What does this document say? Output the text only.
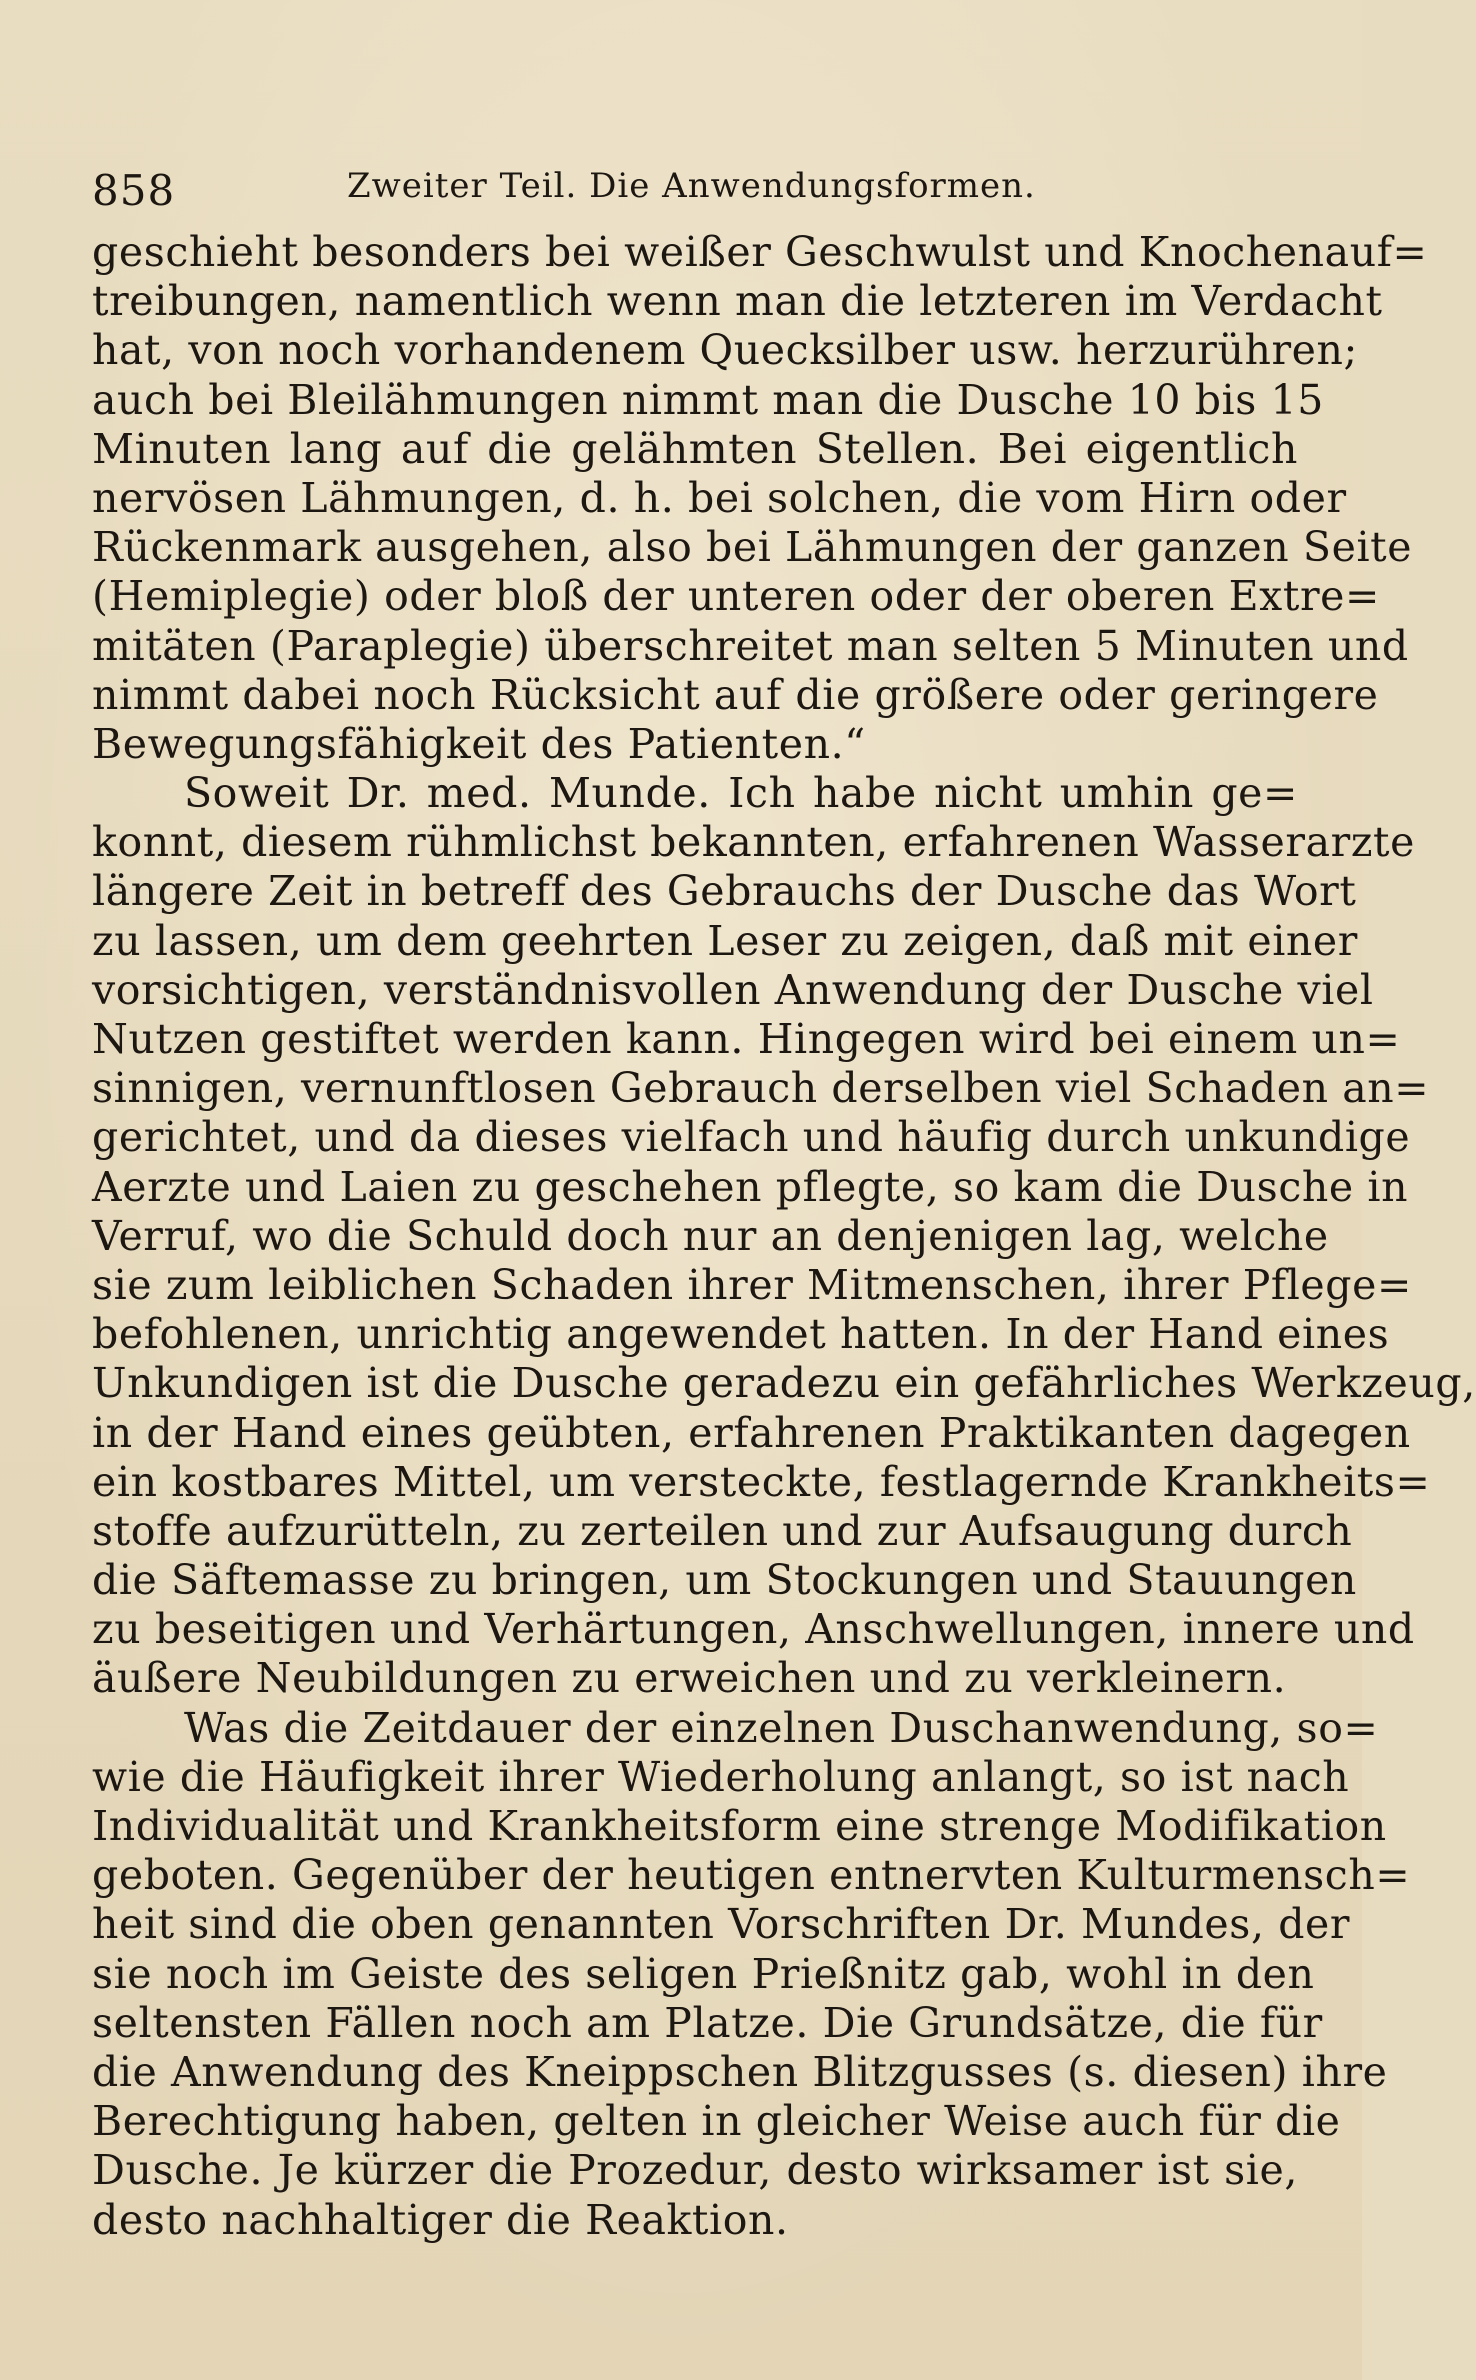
858	Zweiter Teil. Die Anwendungsformen.
geschieht besonders bei weißer Geschwulst und Knochenauf=
treibungen, namentlich wenn man die letzteren im Verdacht
hat, von noch vorhandenem Quecksilber usw. herzurühren;
auch bei Bleilähmungen nimmt man die Dusche 10 bis 15
Minuten lang auf die gelähmten Stellen. Bei eigentlich
nervösen Lähmungen, d. h. bei solchen, die vom Hirn oder
Rückenmark ausgehen, also bei Lähmungen der ganzen Seite
(Hemiplegie) oder bloß der unteren oder der oberen Extre=
mitäten (Paraplegie) überschreitet man selten 5 Minuten und
nimmt dabei noch Rücksicht auf die größere oder geringere
Bewegungsfähigkeit des Patienten.“
Soweit Dr. med. Munde. Ich habe nicht umhin ge=
konnt, diesem rühmlichst bekannten, erfahrenen Wasserarzte
längere Zeit in betreff des Gebrauchs der Dusche das Wort
zu lassen, um dem geehrten Leser zu zeigen, daß mit einer
vorsichtigen, verständnisvollen Anwendung der Dusche viel
Nutzen gestiftet werden kann. Hingegen wird bei einem un=
sinnigen, vernunftlosen Gebrauch derselben viel Schaden an=
gerichtet, und da dieses vielfach und häufig durch unkundige
Aerzte und Laien zu geschehen pflegte, so kam die Dusche in
Verruf, wo die Schuld doch nur an denjenigen lag, welche
sie zum leiblichen Schaden ihrer Mitmenschen, ihrer Pflege=
befohlenen, unrichtig angewendet hatten. In der Hand eines
Unkundigen ist die Dusche geradezu ein gefährliches Werkzeug,
in der Hand eines geübten, erfahrenen Praktikanten dagegen
ein kostbares Mittel, um versteckte, festlagernde Krankheits=
stoffe aufzurütteln, zu zerteilen und zur Aufsaugung durch
die Säftemasse zu bringen, um Stockungen und Stauungen
zu beseitigen und Verhärtungen, Anschwellungen, innere und
äußere Neubildungen zu erweichen und zu verkleinern.
Was die Zeitdauer der einzelnen Duschanwendung, so=
wie die Häufigkeit ihrer Wiederholung anlangt, so ist nach
Individualität und Krankheitsform eine strenge Modifikation
geboten. Gegenüber der heutigen entnervten Kulturmensch=
heit sind die oben genannten Vorschriften Dr. Mundes, der
sie noch im Geiste des seligen Prießnitz gab, wohl in den
seltensten Fällen noch am Platze. Die Grundsätze, die für
die Anwendung des Kneippschen Blitzgusses (s. diesen) ihre
Berechtigung haben, gelten in gleicher Weise auch für die
Dusche. Je kürzer die Prozedur, desto wirksamer ist sie,
desto nachhaltiger die Reaktion.
